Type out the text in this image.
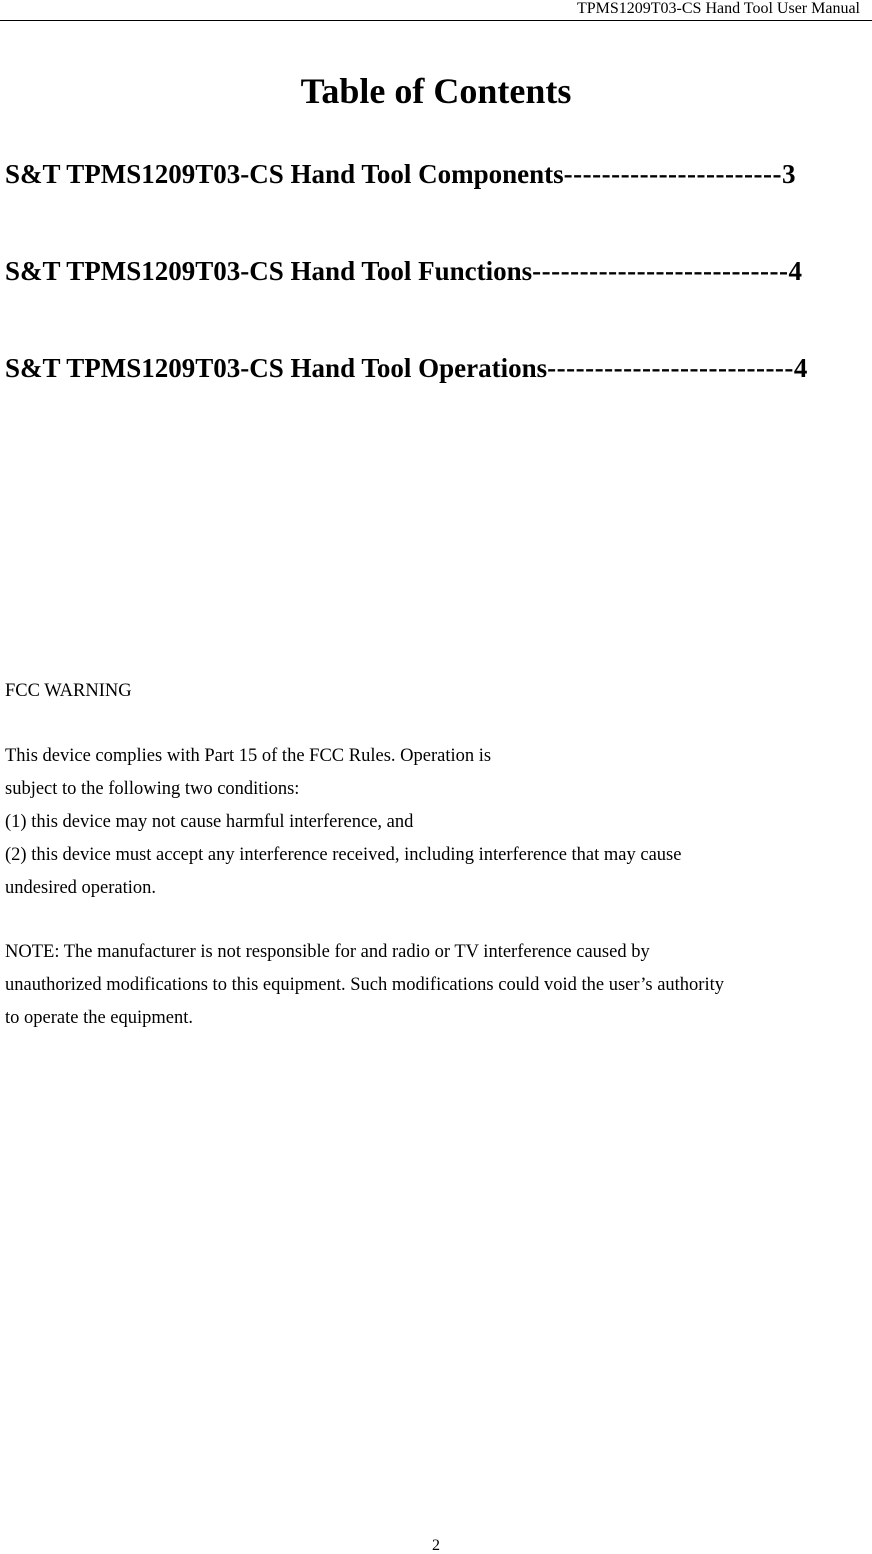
TPMS1209T03-CS Hand Tool User Manual
Table of Contents
S&T TPMS1209T03-CS Hand Tool Components-----------------------3
S&T TPMS1209T03-CS Hand Tool Functions---------------------------4
S&T TPMS1209T03-CS Hand Tool Operations--------------------------4
FCC WARNING
This device complies with Part 15 of the FCC Rules. Operation is
subject to the following two conditions:
(1) this device may not cause harmful interference, and
(2) this device must accept any interference received, including interference that may cause
undesired operation.
NOTE: The manufacturer is not responsible for and radio or TV interference caused by
unauthorized modifications to this equipment. Such modifications could void the user’s authority
to operate the equipment.
2
